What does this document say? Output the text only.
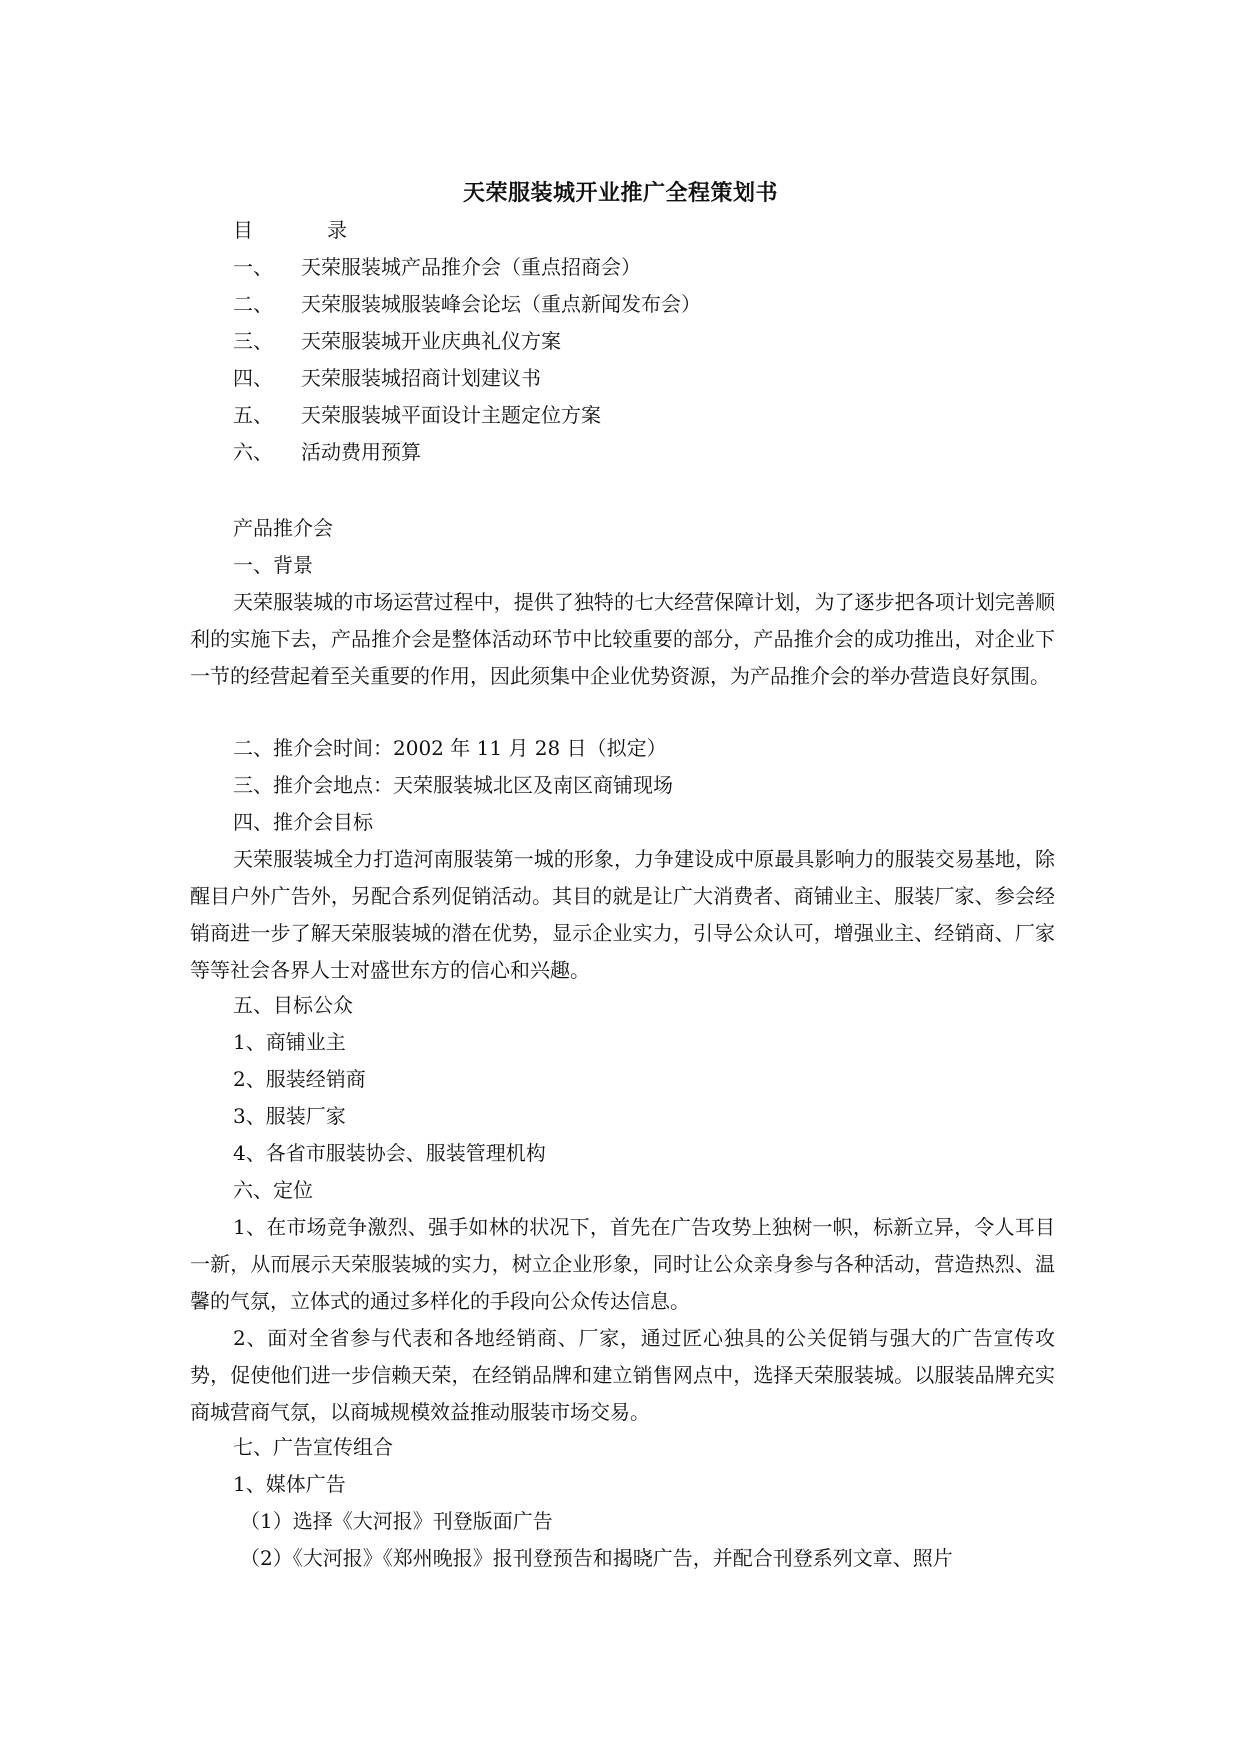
天荣服装城开业推广全程策划书
目	录
一、 天荣服装城产品推介会（重点招商会）
二、 天荣服装城服装峰会论坛（重点新闻发布会）
三、 天荣服装城开业庆典礼仪方案
四、 天荣服装城招商计划建议书
五、 天荣服装城平面设计主题定位方案
六、 活动费用预算
产品推介会
一、背景
天荣服装城的市场运营过程中，提供了独特的七大经营保障计划，为了逐步把各项计划完善顺利的实施下去，产品推介会是整体活动环节中比较重要的部分，产品推介会的成功推出，对企业下一节的经营起着至关重要的作用，因此须集中企业优势资源，为产品推介会的举办营造良好氛围。
二、推介会时间：2002 年 11 月 28 日（拟定）
三、推介会地点：天荣服装城北区及南区商铺现场
四、推介会目标
天荣服装城全力打造河南服装第一城的形象，力争建设成中原最具影响力的服装交易基地，除醒目户外广告外，另配合系列促销活动。其目的就是让广大消费者、商铺业主、服装厂家、参会经销商进一步了解天荣服装城的潜在优势，显示企业实力，引导公众认可，增强业主、经销商、厂家等等社会各界人士对盛世东方的信心和兴趣。
五、目标公众
1、商铺业主
2、服装经销商
3、服装厂家
4、各省市服装协会、服装管理机构
六、定位
1、在市场竞争激烈、强手如林的状况下，首先在广告攻势上独树一帜，标新立异，令人耳目一新，从而展示天荣服装城的实力，树立企业形象，同时让公众亲身参与各种活动，营造热烈、温馨的气氛，立体式的通过多样化的手段向公众传达信息。
2、面对全省参与代表和各地经销商、厂家，通过匠心独具的公关促销与强大的广告宣传攻势，促使他们进一步信赖天荣，在经销品牌和建立销售网点中，选择天荣服装城。以服装品牌充实商城营商气氛，以商城规模效益推动服装市场交易。
七、广告宣传组合
1、媒体广告
（1）选择《大河报》刊登版面广告
（2）《大河报》《郑州晚报》报刊登预告和揭晓广告，并配合刊登系列文章、照片
